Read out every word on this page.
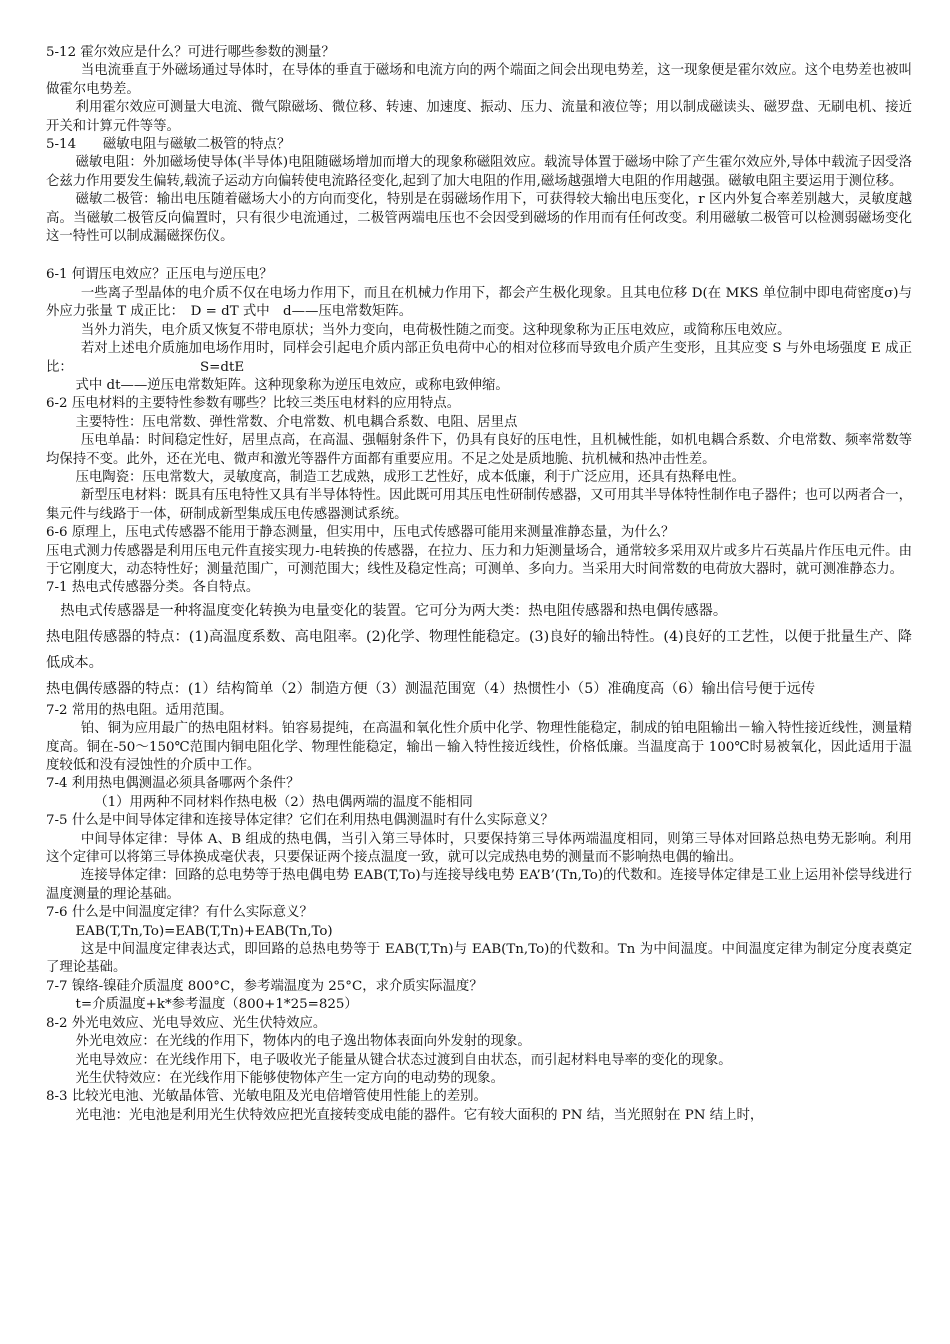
5-12 霍尔效应是什么？可进行哪些参数的测量？

当电流垂直于外磁场通过导体时，在导体的垂直于磁场和电流方向的两个端面之间会出现电势差，这一现象便是霍尔效应。这个电势差也被叫做霍尔电势差。

利用霍尔效应可测量大电流、微气隙磁场、微位移、转速、加速度、振动、压力、流量和液位等；用以制成磁读头、磁罗盘、无刷电机、接近开关和计算元件等等。

5-14　　磁敏电阻与磁敏二极管的特点？

磁敏电阻：外加磁场使导体(半导体)电阻随磁场增加而增大的现象称磁阻效应。载流导体置于磁场中除了产生霍尔效应外,导体中载流子因受洛仑兹力作用要发生偏转,载流子运动方向偏转使电流路径变化,起到了加大电阻的作用,磁场越强增大电阻的作用越强。磁敏电阻主要运用于测位移。

磁敏二极管：输出电压随着磁场大小的方向而变化，特别是在弱磁场作用下，可获得较大输出电压变化，r 区内外复合率差别越大，灵敏度越高。当磁敏二极管反向偏置时，只有很少电流通过，二极管两端电压也不会因受到磁场的作用而有任何改变。利用磁敏二极管可以检测弱磁场变化这一特性可以制成漏磁探伤仪。

6-1 何谓压电效应？正压电与逆压电？

一些离子型晶体的电介质不仅在电场力作用下，而且在机械力作用下，都会产生极化现象。且其电位移 D(在 MKS 单位制中即电荷密度σ)与外应力张量 T 成正比：　D = dT 式中　d——压电常数矩阵。

当外力消失，电介质又恢复不带电原状；当外力变向，电荷极性随之而变。这种现象称为正压电效应，或简称压电效应。

若对上述电介质施加电场作用时，同样会引起电介质内部正负电荷中心的相对位移而导致电介质产生变形，且其应变 S 与外电场强度 E 成正比：　　　　　　　　　　S=dtE

式中 dt——逆压电常数矩阵。这种现象称为逆压电效应，或称电致伸缩。

6-2 压电材料的主要特性参数有哪些？比较三类压电材料的应用特点。

主要特性：压电常数、弹性常数、介电常数、机电耦合系数、电阻、居里点

压电单晶：时间稳定性好，居里点高，在高温、强幅射条件下，仍具有良好的压电性，且机械性能，如机电耦合系数、介电常数、频率常数等均保持不变。此外，还在光电、微声和激光等器件方面都有重要应用。不足之处是质地脆、抗机械和热冲击性差。

压电陶瓷：压电常数大，灵敏度高，制造工艺成熟，成形工艺性好，成本低廉，利于广泛应用，还具有热释电性。

新型压电材料：既具有压电特性又具有半导体特性。因此既可用其压电性研制传感器，又可用其半导体特性制作电子器件；也可以两者合一，集元件与线路于一体，研制成新型集成压电传感器测试系统。

6-6 原理上，压电式传感器不能用于静态测量，但实用中，压电式传感器可能用来测量准静态量，为什么？

压电式测力传感器是利用压电元件直接实现力-电转换的传感器，在拉力、压力和力矩测量场合，通常较多采用双片或多片石英晶片作压电元件。由于它刚度大，动态特性好；测量范围广，可测范围大；线性及稳定性高；可测单、多向力。当采用大时间常数的电荷放大器时，就可测准静态力。

7-1 热电式传感器分类。各自特点。

热电式传感器是一种将温度变化转换为电量变化的装置。它可分为两大类：热电阻传感器和热电偶传感器。

热电阻传感器的特点：(1)高温度系数、高电阻率。(2)化学、物理性能稳定。(3)良好的输出特性。(4)良好的工艺性，以便于批量生产、降低成本。

热电偶传感器的特点：(1）结构简单（2）制造方便（3）测温范围宽（4）热惯性小（5）准确度高（6）输出信号便于远传

7-2 常用的热电阻。适用范围。

铂、铜为应用最广的热电阻材料。铂容易提纯，在高温和氧化性介质中化学、物理性能稳定，制成的铂电阻输出－输入特性接近线性，测量精度高。铜在-50～150℃范围内铜电阻化学、物理性能稳定，输出－输入特性接近线性，价格低廉。当温度高于 100℃时易被氧化，因此适用于温度较低和没有浸蚀性的介质中工作。

7-4 利用热电偶测温必须具备哪两个条件？

（1）用两种不同材料作热电极（2）热电偶两端的温度不能相同

7-5 什么是中间导体定律和连接导体定律？它们在利用热电偶测温时有什么实际意义？

中间导体定律：导体 A、B 组成的热电偶，当引入第三导体时，只要保持第三导体两端温度相同，则第三导体对回路总热电势无影响。利用这个定律可以将第三导体换成毫伏表，只要保证两个接点温度一致，就可以完成热电势的测量而不影响热电偶的输出。

连接导体定律：回路的总电势等于热电偶电势 EAB(T,To)与连接导线电势 EA’B’(Tn,To)的代数和。连接导体定律是工业上运用补偿导线进行温度测量的理论基础。

7-6 什么是中间温度定律？有什么实际意义？

EAB(T,Tn,To)=EAB(T,Tn)+EAB(Tn,To)

这是中间温度定律表达式，即回路的总热电势等于 EAB(T,Tn)与 EAB(Tn,To)的代数和。Tn 为中间温度。中间温度定律为制定分度表奠定了理论基础。

7-7 镍络-镍硅介质温度 800°C，参考端温度为 25°C，求介质实际温度？

t=介质温度+k*参考温度（800+1*25=825）

8-2 外光电效应、光电导效应、光生伏特效应。

外光电效应：在光线的作用下，物体内的电子逸出物体表面向外发射的现象。

光电导效应：在光线作用下，电子吸收光子能量从键合状态过渡到自由状态，而引起材料电导率的变化的现象。

光生伏特效应：在光线作用下能够使物体产生一定方向的电动势的现象。

8-3 比较光电池、光敏晶体管、光敏电阻及光电倍增管使用性能上的差别。

光电池：光电池是利用光生伏特效应把光直接转变成电能的器件。它有较大面积的 PN 结，当光照射在 PN 结上时，
